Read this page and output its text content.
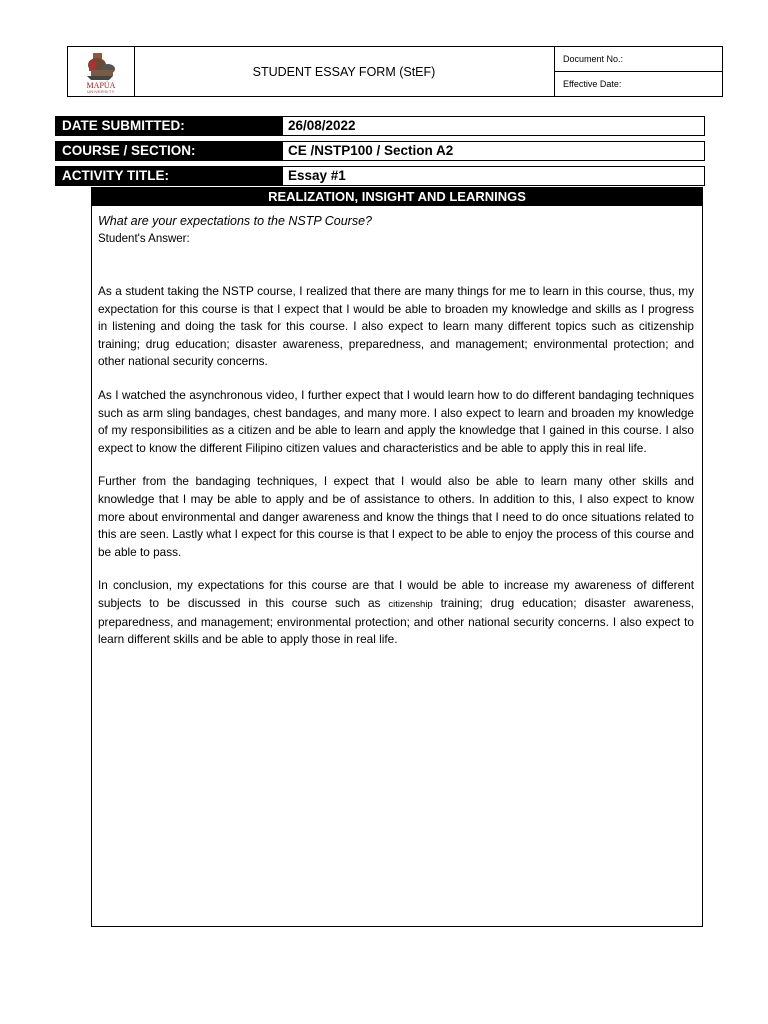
MAPÚA
UNIVERSITY
STUDENT ESSAY FORM (StEF)
Document No.:
Effective Date:
DATE SUBMITTED:	26/08/2022
COURSE / SECTION:	CE /NSTP100 / Section A2
ACTIVITY TITLE:	Essay #1
REALIZATION, INSIGHT AND LEARNINGS

What are your expectations to the NSTP Course?

Student's Answer:

As a student taking the NSTP course, I realized that there are many things for me to learn in this course, thus, my expectation for this course is that I expect that I would be able to broaden my knowledge and skills as I progress in listening and doing the task for this course. I also expect to learn many different topics such as citizenship training; drug education; disaster awareness, preparedness, and management; environmental protection; and other national security concerns.

As I watched the asynchronous video, I further expect that I would learn how to do different bandaging techniques such as arm sling bandages, chest bandages, and many more. I also expect to learn and broaden my knowledge of my responsibilities as a citizen and be able to learn and apply the knowledge that I gained in this course. I also expect to know the different Filipino citizen values and characteristics and be able to apply this in real life.

Further from the bandaging techniques, I expect that I would also be able to learn many other skills and knowledge that I may be able to apply and be of assistance to others. In addition to this, I also expect to know more about environmental and danger awareness and know the things that I need to do once situations related to this are seen. Lastly what I expect for this course is that I expect to be able to enjoy the process of this course and be able to pass.

In conclusion, my expectations for this course are that I would be able to increase my awareness of different subjects to be discussed in this course such as citizenship training; drug education; disaster awareness, preparedness, and management; environmental protection; and other national security concerns. I also expect to learn different skills and be able to apply those in real life.
